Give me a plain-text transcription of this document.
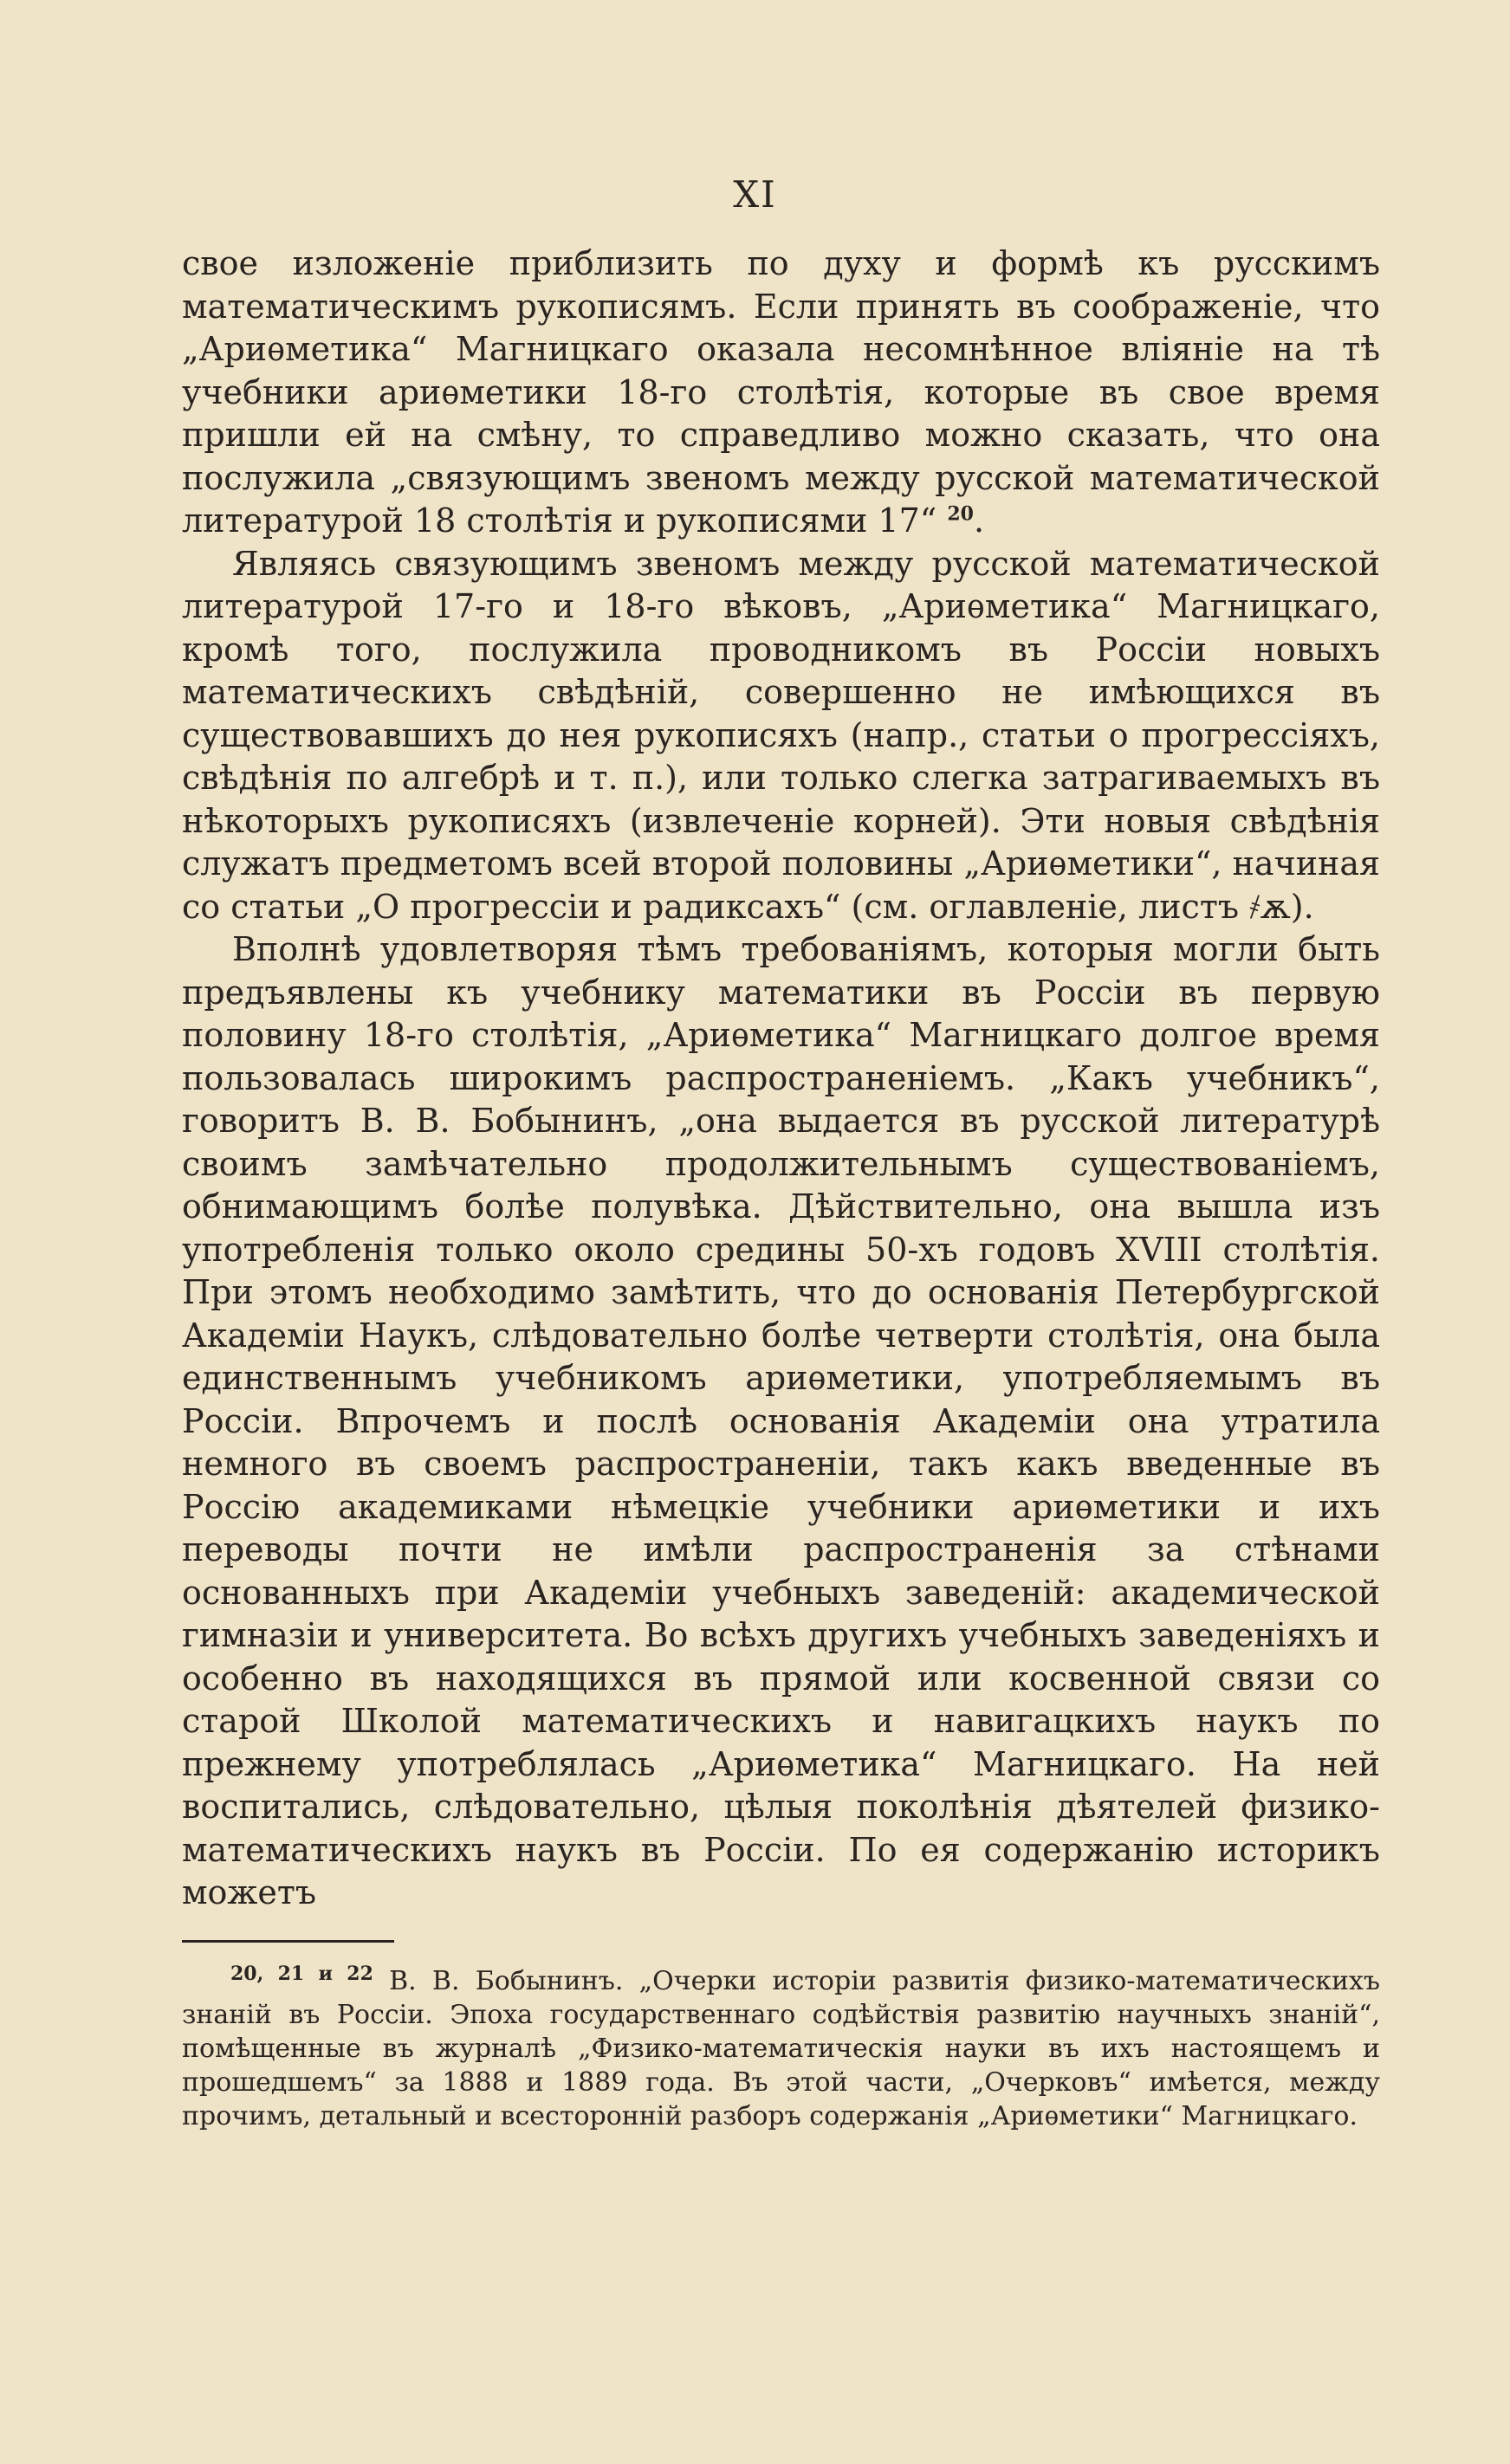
XI

свое изложеніе приблизить по духу и формѣ къ русскимъ математическимъ рукописямъ. Если принять въ соображеніе, что „Ариѳметика“ Магницкаго оказала несомнѣнное вліяніе на тѣ учебники ариѳметики 18-го столѣтія, которые въ свое время пришли ей на смѣну, то справедливо можно сказать, что она послужила „связующимъ звеномъ между русской математической литературой 18 столѣтія и рукописями 17“ $^{20}$.

Являясь связующимъ звеномъ между русской математической литературой 17-го и 18-го вѣковъ, „Ариѳметика“ Магницкаго, кромѣ того, послужила проводникомъ въ Россіи новыхъ математическихъ свѣдѣній, совершенно не имѣющихся въ существовавшихъ до нея рукописяхъ (напр., статьи о прогрессіяхъ, свѣдѣнія по алгебрѣ и т. п.), или только слегка затрагиваемыхъ въ нѣкоторыхъ рукописяхъ (извлеченіе корней). Эти новыя свѣдѣнія служатъ предметомъ всей второй половины „Ариѳметики“, начиная со статьи „О прогрессіи и радиксахъ“ (см. оглавленіе, листъ ҂ѫ).

Вполнѣ удовлетворяя тѣмъ требованіямъ, которыя могли быть предъявлены къ учебнику математики въ Россіи въ первую половину 18-го столѣтія, „Ариѳметика“ Магницкаго долгое время пользовалась широкимъ распространеніемъ. „Какъ учебникъ“, говоритъ В. В. Бобынинъ, „она выдается въ русской литературѣ своимъ замѣчательно продолжительнымъ существованіемъ, обнимающимъ болѣе полувѣка. Дѣйствительно, она вышла изъ употребленія только около средины 50-хъ годовъ XVIII столѣтія. При этомъ необходимо замѣтить, что до основанія Петербургской Академіи Наукъ, слѣдовательно болѣе четверти столѣтія, она была единственнымъ учебникомъ ариѳметики, употребляемымъ въ Россіи. Впрочемъ и послѣ основанія Академіи она утратила немного въ своемъ распространеніи, такъ какъ введенные въ Россію академиками нѣмецкіе учебники ариѳметики и ихъ переводы почти не имѣли распространенія за стѣнами основанныхъ при Академіи учебныхъ заведеній: академической гимназіи и университета. Во всѣхъ другихъ учебныхъ заведеніяхъ и особенно въ находящихся въ прямой или косвенной связи со старой Школой математическихъ и навигацкихъ наукъ по прежнему употреблялась „Ариѳметика“ Магницкаго. На ней воспитались, слѣдовательно, цѣлыя поколѣнія дѣятелей физико-математическихъ наукъ въ Россіи. По ея содержанію историкъ можетъ

$^{20, 21 и 22}$ В. В. Бобынинъ. „Очерки исторіи развитія физико-математическихъ знаній въ Россіи. Эпоха государственнаго содѣйствія развитію научныхъ знаній“, помѣщенные въ журналѣ „Физико-математическія науки въ ихъ настоящемъ и прошедшемъ“ за 1888 и 1889 года. Въ этой части, „Очерковъ“ имѣется, между прочимъ, детальный и всесторонній разборъ содержанія „Ариѳметики“ Магницкаго.
